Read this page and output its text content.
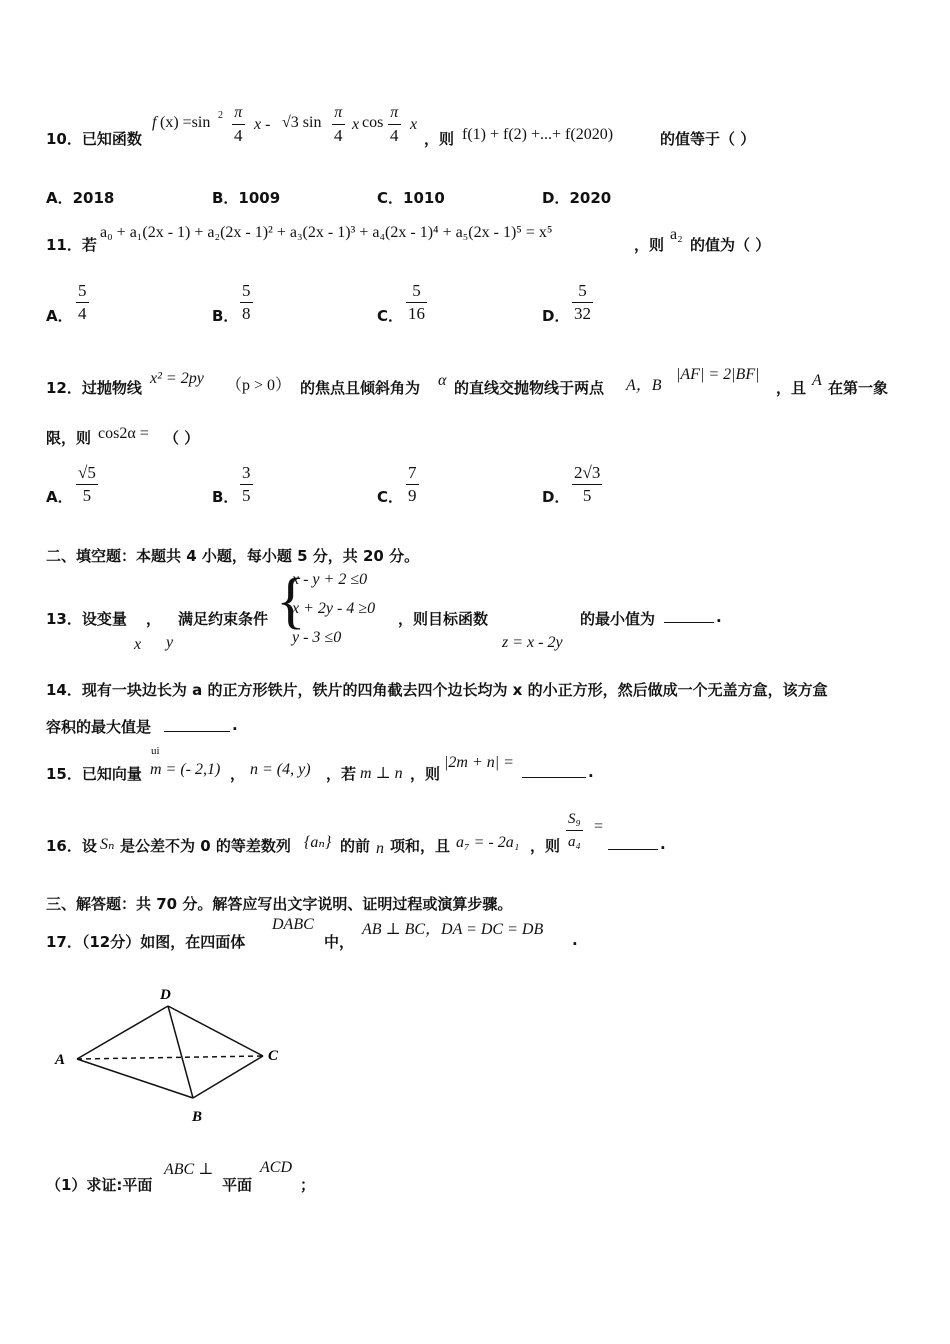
10．已知函数
f (x) =sin $2 \frac{\pi}{4}$ x - √3 $\sin \frac{\pi}{4}$ x $\cos \frac{\pi}{4}$ x
，则 f(1) + f(2) +...+ f(2020)	的值等于（ ）
A．2018	B．1009	C．1010	D．2020
11．若
a₀ + a₁(2x - 1) + a₂(2x - 1)² + a₃(2x - 1)³ + a₄(2x - 1)⁴ + a₅(2x - 1)⁵ = x⁵
，则
a₂
的值为（ ）
A． $\frac{5}{4}$	B． $\frac{5}{8}$	C． $\frac{5}{16}$	D． $\frac{5}{32}$
12．过抛物线
x² = 2py （p > 0） 的焦点且倾斜角为 α 的直线交抛物线于两点 A，B
|AF| = 2|BF|
，且 A 在第一象
限，则 cos2α = （ ）
A． $\frac{√5}{5}$	B． $\frac{3}{5}$	C． $\frac{7}{9}$	D． $\frac{2√3}{5}$
二、填空题：本题共 4 小题，每小题 5 分，共 20 分。
13．设变量 ， 满足约束条件 {
x - y + 2 ≤0
x + 2y - 4 ≥0
y - 3 ≤0
，则目标函数	的最小值为	.
x y	z = x - 2y
14．现有一块边长为 a 的正方形铁片，铁片的四角截去四个边长均为 x 的小正方形，然后做成一个无盖方盒，该方盒
容积的最大值是	.
15．已知向量
ui
m = (- 2,1) ， n = (4, y) ，若 m ⊥ n ，则
|2m + n| =
.
16．设 Sₙ 是公差不为 0 的等差数列 {aₙ} 的前 n 项和，且 a₇ = - 2a₁ ，则 $\frac{\text{S₉}}{\text{a₄}}$ =
.
三、解答题：共 70 分。解答应写出文字说明、证明过程或演算步骤。
17．（12分）如图，在四面体
DABC
中，
AB ⊥ BC，DA = DC = DB
.
D
A	C
B
（1）求证:平面
ABC ⊥
平面
ACD
；
